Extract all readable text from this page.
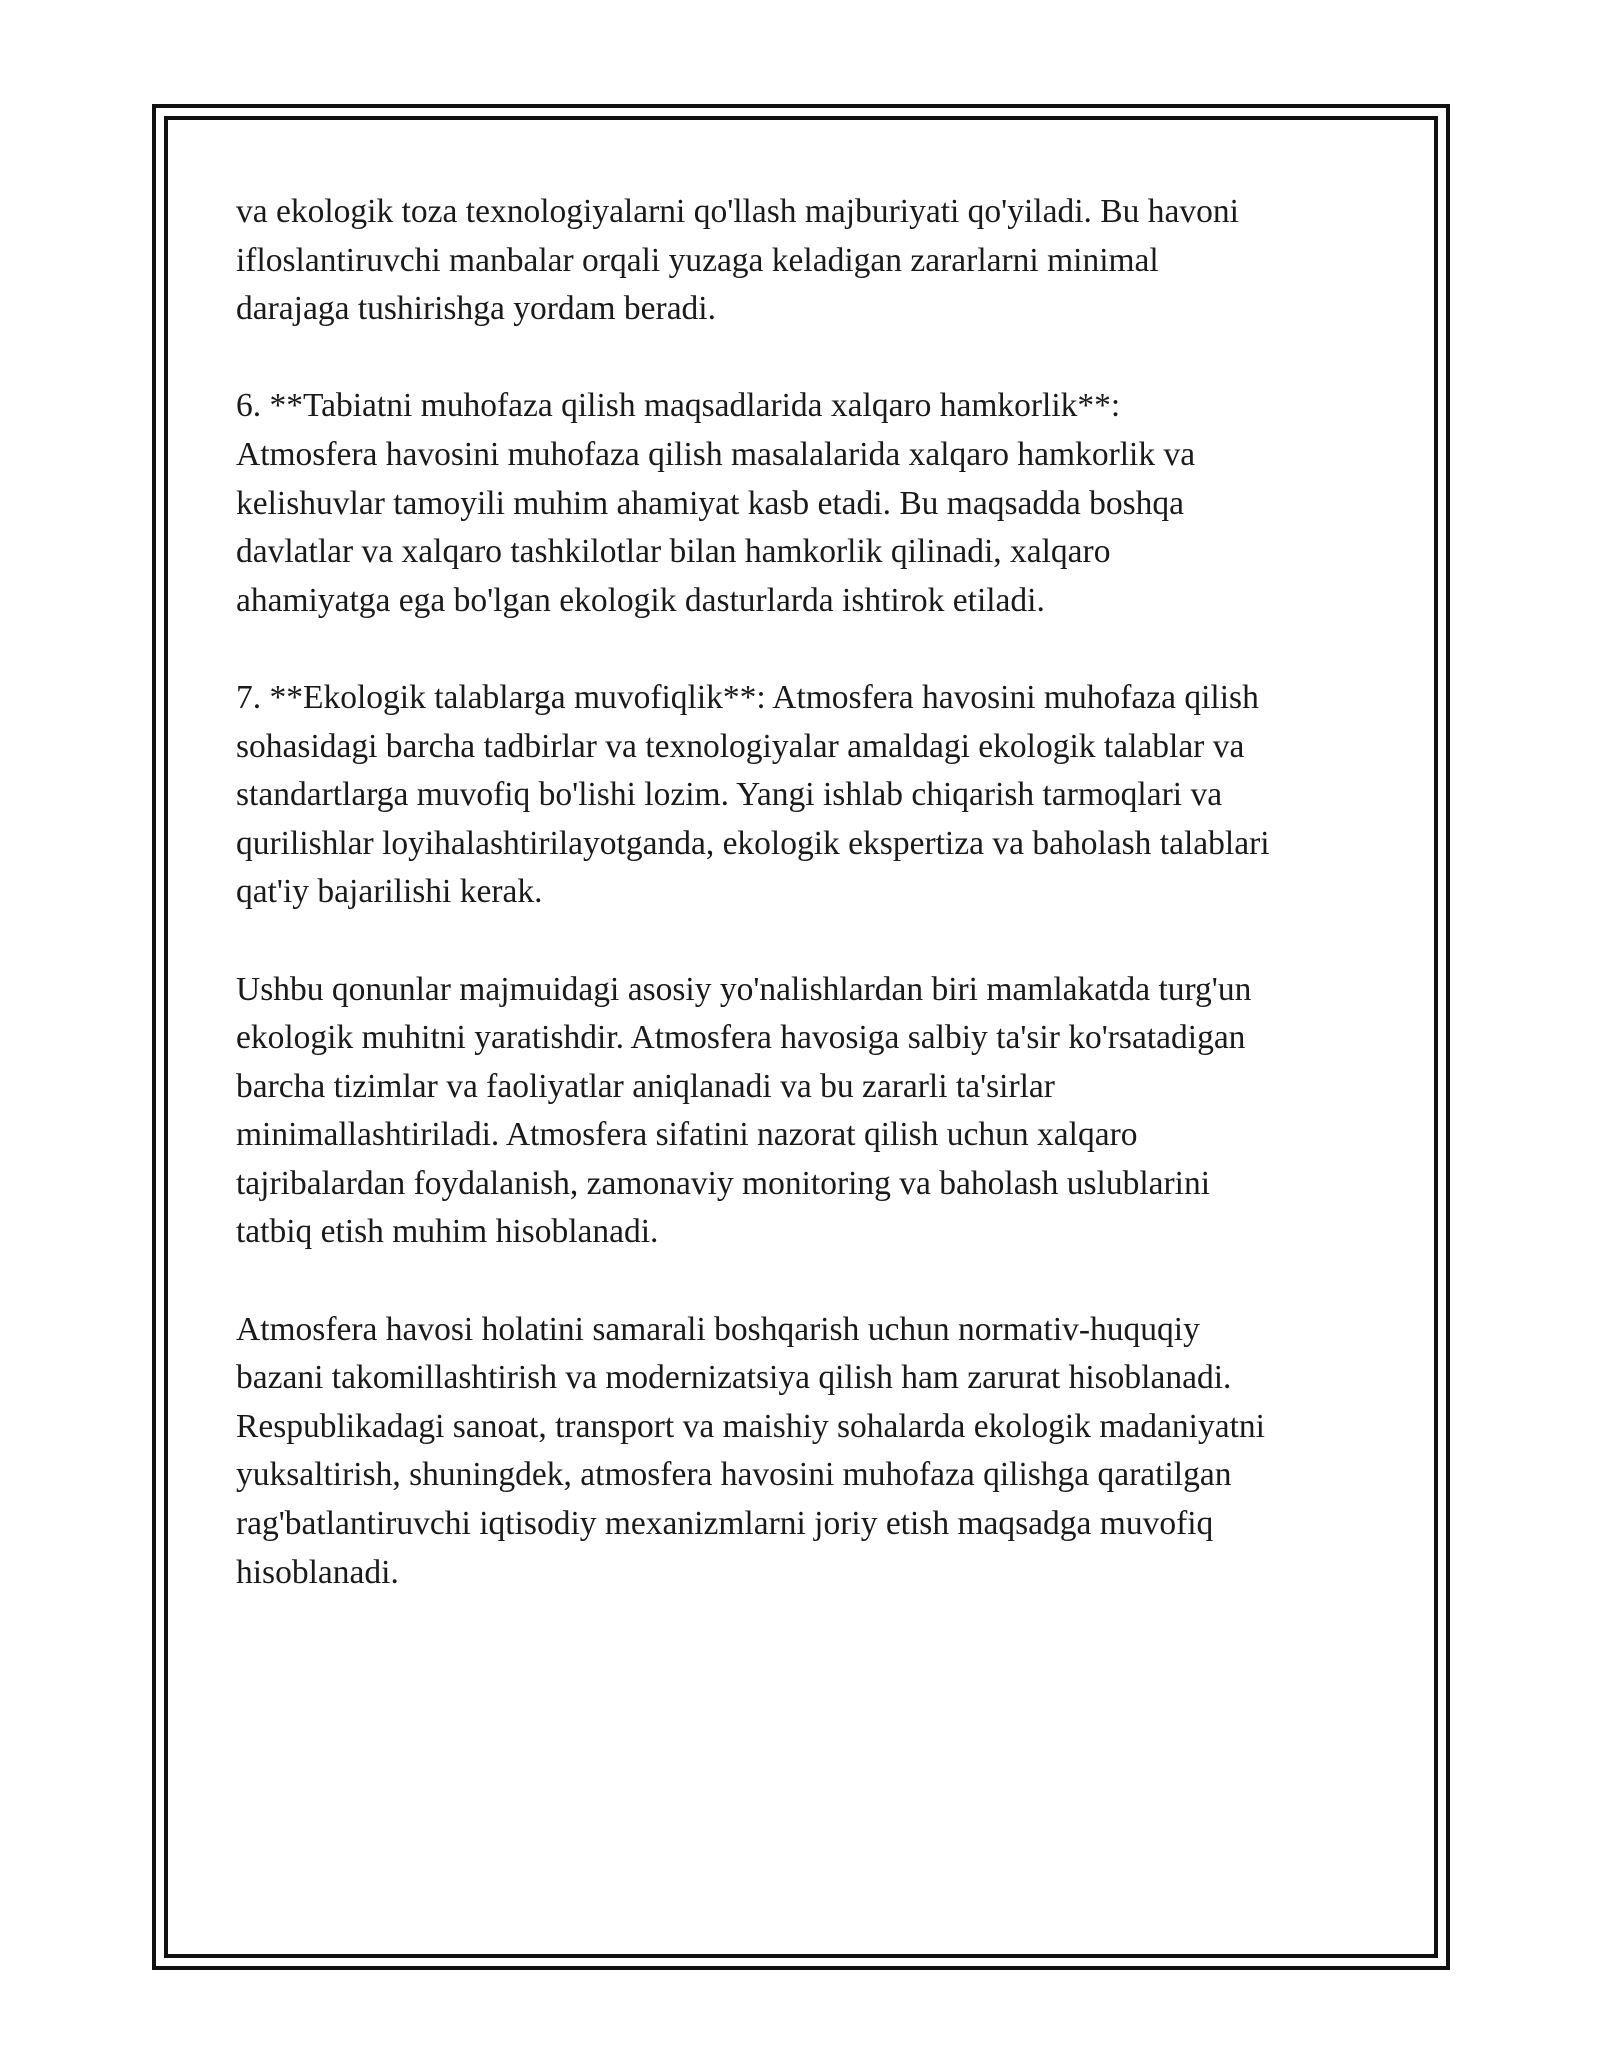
va ekologik toza texnologiyalarni qo'llash majburiyati qo'yiladi. Bu havoni
ifloslantiruvchi manbalar orqali yuzaga keladigan zararlarni minimal
darajaga tushirishga yordam beradi.

6. **Tabiatni muhofaza qilish maqsadlarida xalqaro hamkorlik**:
Atmosfera havosini muhofaza qilish masalalarida xalqaro hamkorlik va
kelishuvlar tamoyili muhim ahamiyat kasb etadi. Bu maqsadda boshqa
davlatlar va xalqaro tashkilotlar bilan hamkorlik qilinadi, xalqaro
ahamiyatga ega bo'lgan ekologik dasturlarda ishtirok etiladi.

7. **Ekologik talablarga muvofiqlik**: Atmosfera havosini muhofaza qilish
sohasidagi barcha tadbirlar va texnologiyalar amaldagi ekologik talablar va
standartlarga muvofiq bo'lishi lozim. Yangi ishlab chiqarish tarmoqlari va
qurilishlar loyihalashtirilayotganda, ekologik ekspertiza va baholash talablari
qat'iy bajarilishi kerak.

Ushbu qonunlar majmuidagi asosiy yo'nalishlardan biri mamlakatda turg'un
ekologik muhitni yaratishdir. Atmosfera havosiga salbiy ta'sir ko'rsatadigan
barcha tizimlar va faoliyatlar aniqlanadi va bu zararli ta'sirlar
minimallashtiriladi. Atmosfera sifatini nazorat qilish uchun xalqaro
tajribalardan foydalanish, zamonaviy monitoring va baholash uslublarini
tatbiq etish muhim hisoblanadi.

Atmosfera havosi holatini samarali boshqarish uchun normativ-huquqiy
bazani takomillashtirish va modernizatsiya qilish ham zarurat hisoblanadi.
Respublikadagi sanoat, transport va maishiy sohalarda ekologik madaniyatni
yuksaltirish, shuningdek, atmosfera havosini muhofaza qilishga qaratilgan
rag'batlantiruvchi iqtisodiy mexanizmlarni joriy etish maqsadga muvofiq
hisoblanadi.
